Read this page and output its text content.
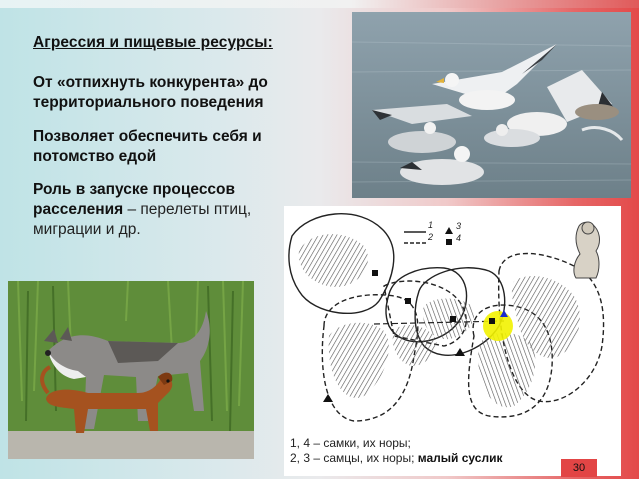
Агрессия и пищевые ресурсы:
От «отпихнуть конкурента» до территориального поведения
Позволяет обеспечить себя и потомство едой
Роль в запуске процессов расселения – перелеты птиц, миграции и др.	1
2
3
4
1, 4 – самки, их норы;
2, 3 – самцы, их норы; малый суслик
30
